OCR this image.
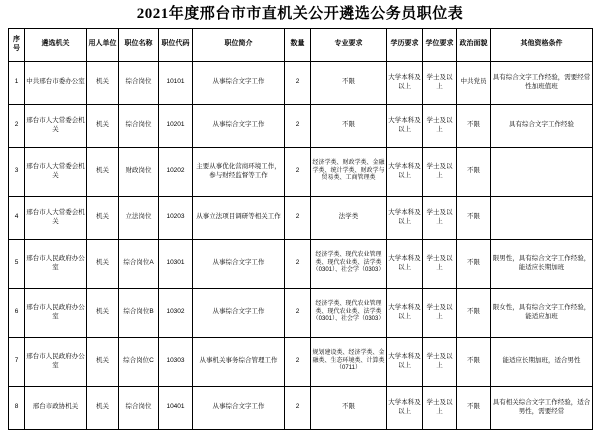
2021年度邢台市市直机关公开遴选公务员职位表
序号	遴选机关	用人单位	职位名称	职位代码	职位简介	数量	专业要求	学历要求	学位要求	政治面貌	其他资格条件
1	中共邢台市委办公室	机关	综合岗位	10101	从事综合文字工作	2	不限	大学本科及以上	学士及以上	中共党员	具有综合文字工作经验，需要经常性加班值班
2	邢台市人大常委会机关	机关	综合岗位	10201	从事综合文字工作	2	不限	大学本科及以上	学士及以上	不限	具有综合文字工作经验
3	邢台市人大常委会机关	机关	财政岗位	10202	主要从事优化营商环境工作，参与财经监督等工作	2	经济学类、财政学类、金融学类、统计学类、财政学与贸易类、工商管理类	大学本科及以上	学士及以上	不限	
4	邢台市人大常委会机关	机关	立法岗位	10203	从事立法项目调研等相关工作	2	法学类	大学本科及以上	学士及以上	不限	
5	邢台市人民政府办公室	机关	综合岗位A	10301	从事综合文字工作	2	经济学类、现代农业管理类、现代农业类、法学类（0301）、社会学（0303）	大学本科及以上	学士及以上	不限	限男性，具有综合文字工作经验，能适应长期加班
6	邢台市人民政府办公室	机关	综合岗位B	10302	从事综合文字工作	2	经济学类、现代农业管理类、现代农业类、法学类（0301）、社会学（0303）	大学本科及以上	学士及以上	不限	限女性，具有综合文字工作经验，能适应加班
7	邢台市人民政府办公室	机关	综合岗位C	10303	从事机关事务综合管理工作	2	规划建设类、经济学类、金融类、生态环境类、计算类（0711）	大学本科及以上	学士及以上	不限	能适应长期加班，适合男性
8	邢台市政协机关	机关	综合岗位	10401	从事综合文字工作	2	不限	大学本科及以上	学士及以上	不限	具有相关综合文字工作经验，适合男性，需要经常
